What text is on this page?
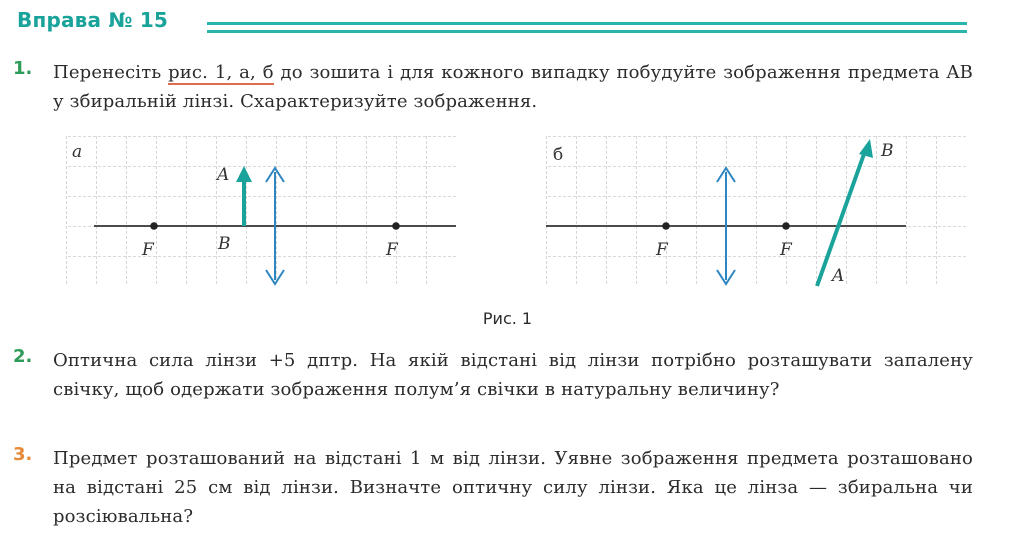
Вправа № 15
1. Перенесіть рис. 1, а, б до зошита і для кожного випадку побудуйте зображення предмета AB у збиральній лінзі. Схарактеризуйте зображення.
а
F	F
A
B
б
F	F
B
A
Рис. 1
2. Оптична сила лінзи +5 дптр. На якій відстані від лінзи потрібно розташувати запалену свічку, щоб одержати зображення полум’я свічки в натуральну величину?
3. Предмет розташований на відстані 1 м від лінзи. Уявне зображення предмета розташовано на відстані 25 см від лінзи. Визначте оптичну силу лінзи. Яка це лінза — збиральна чи розсіювальна?
